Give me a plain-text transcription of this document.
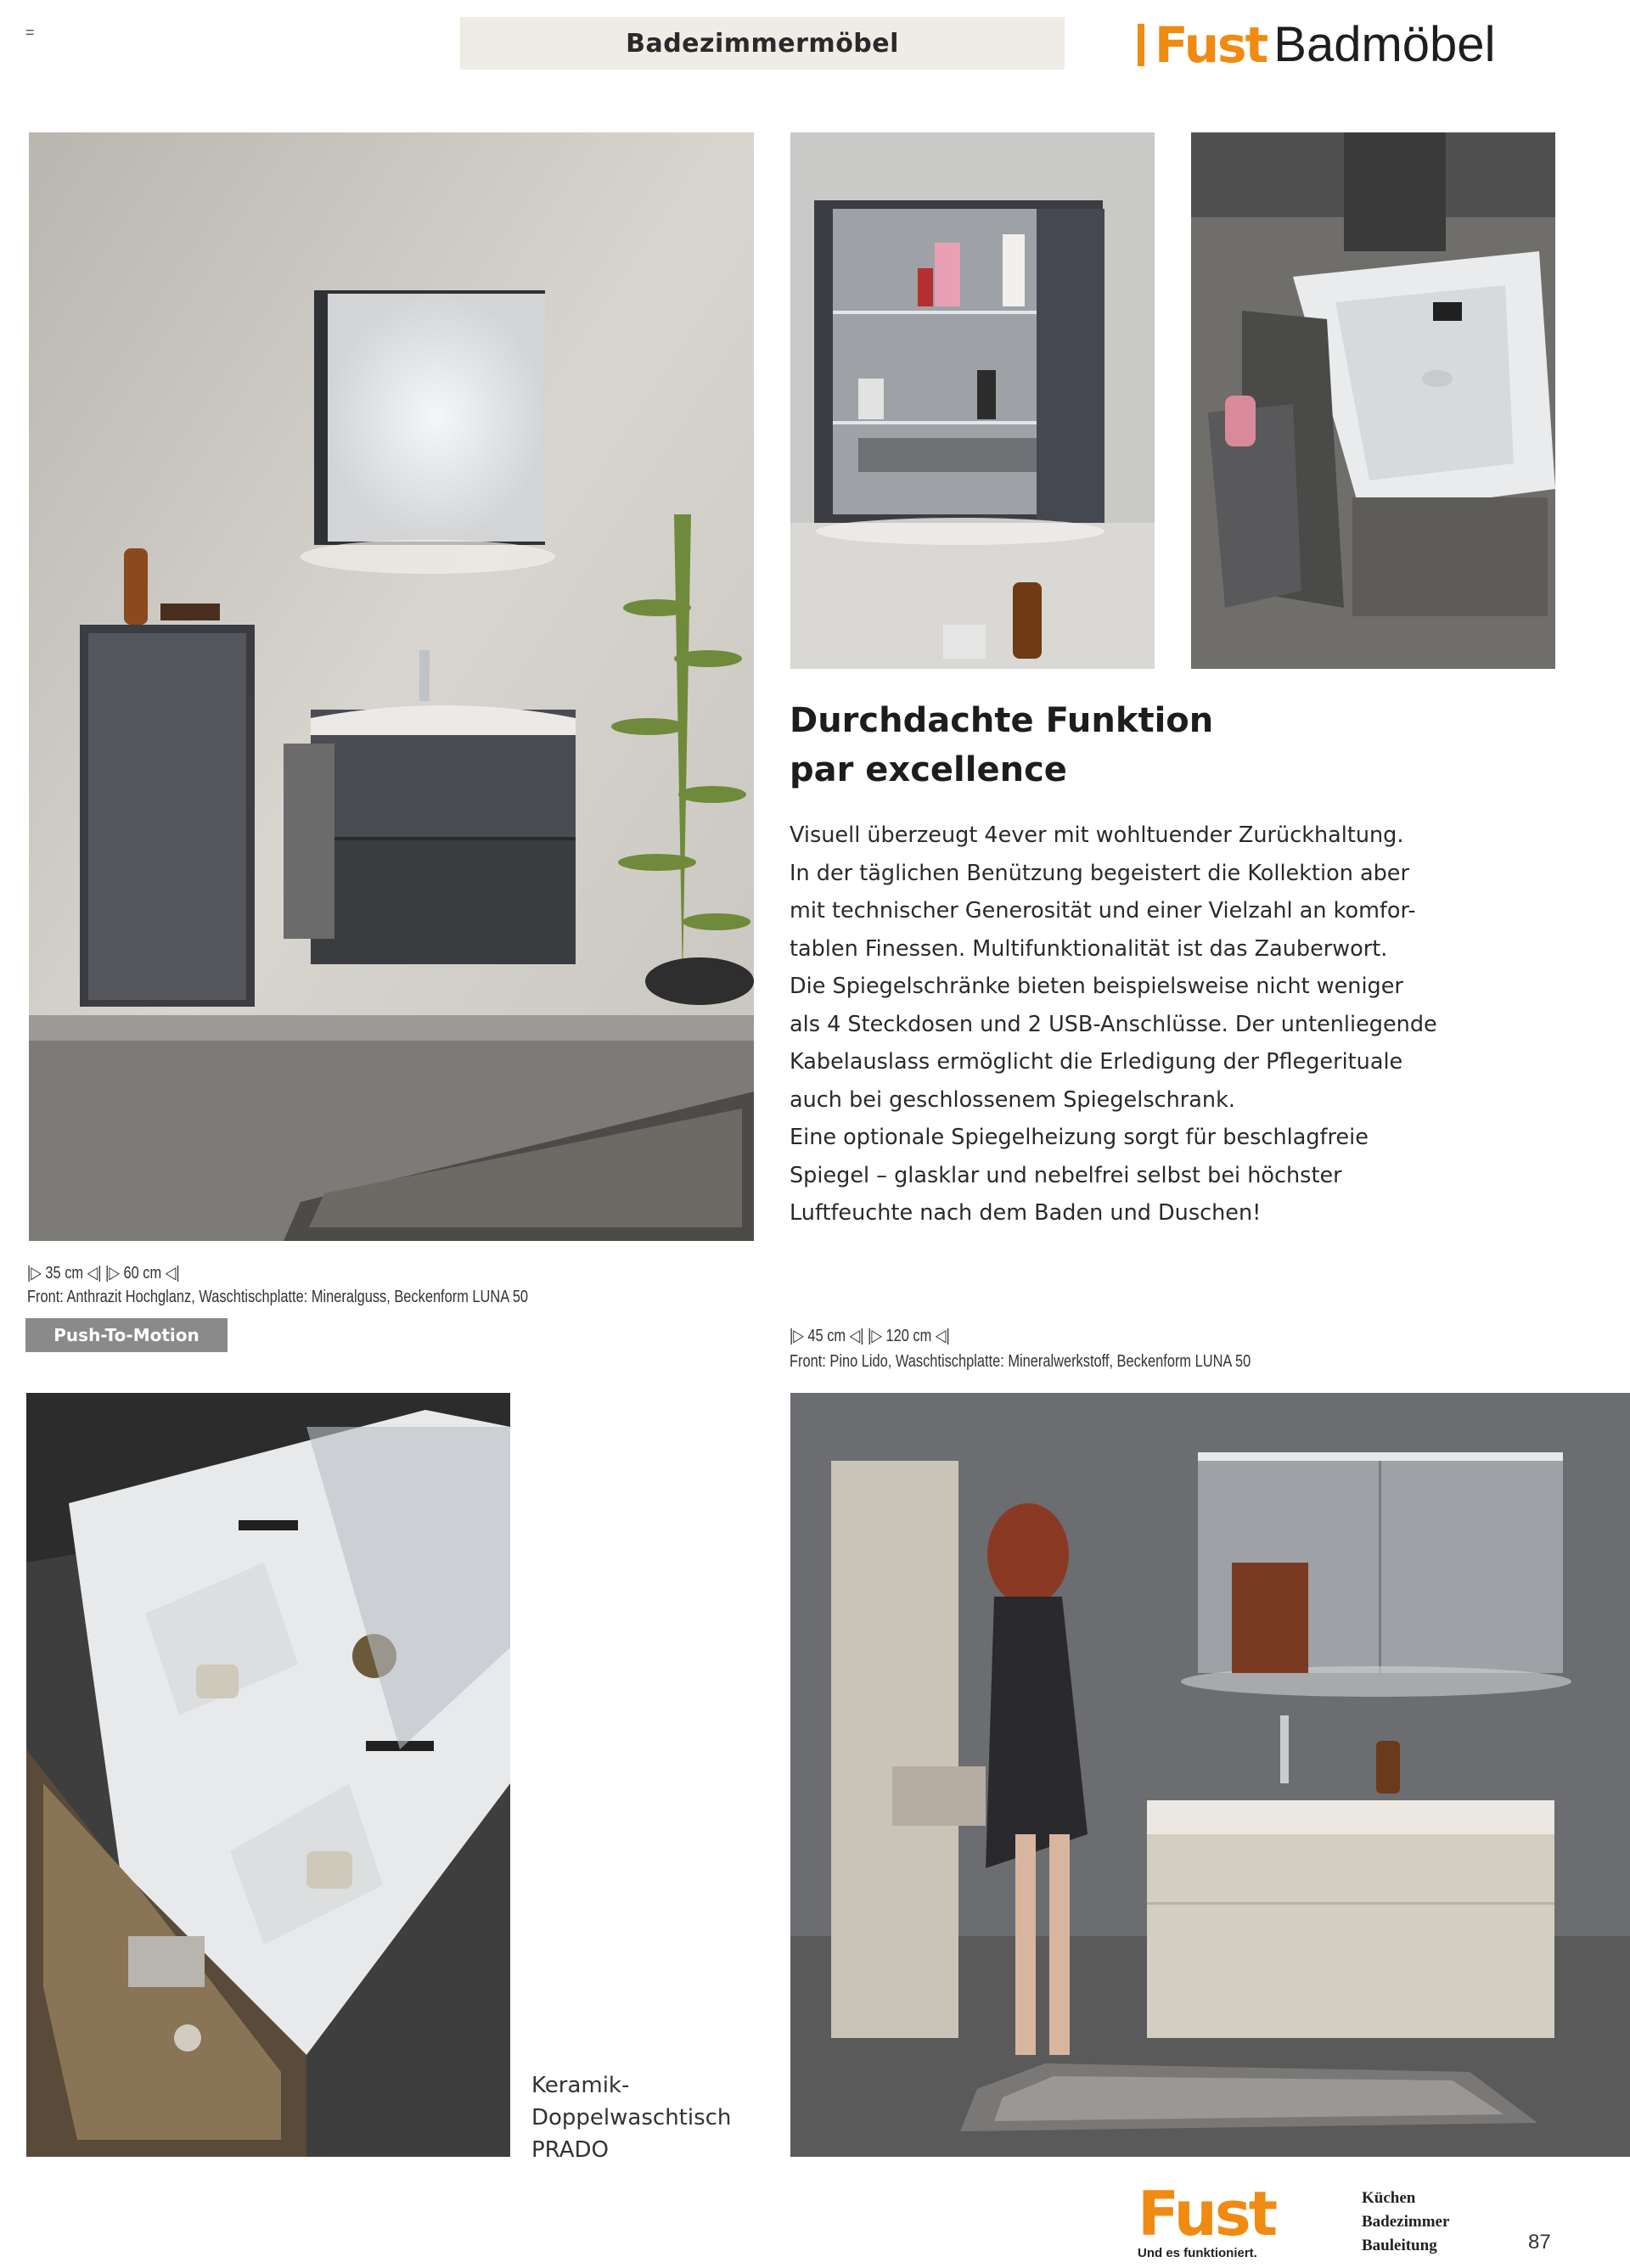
=	Badezimmermöbel	Fust Badmöbel
Durchdachte Funktion
par excellence

Visuell überzeugt 4ever mit wohltuender Zurückhaltung.

In der täglichen Benützung begeistert die Kollektion aber

mit technischer Generosität und einer Vielzahl an komfor-

tablen Finessen. Multifunktionalität ist das Zauberwort.

Die Spiegelschränke bieten beispielsweise nicht weniger

als 4 Steckdosen und 2 USB-Anschlüsse. Der untenliegende

Kabelauslass ermöglicht die Erledigung der Pflegerituale

auch bei geschlossenem Spiegelschrank.

Eine optionale Spiegelheizung sorgt für beschlagfreie

Spiegel – glasklar und nebelfrei selbst bei höchster

Luftfeuchte nach dem Baden und Duschen!

|▷ 35 cm ◁| |▷ 60 cm ◁|
Front: Anthrazit Hochglanz, Waschtischplatte: Mineralguss, Beckenform LUNA 50
Push-To-Motion	|▷ 45 cm ◁| |▷ 120 cm ◁|
Front: Pino Lido, Waschtischplatte: Mineralwerkstoff, Beckenform LUNA 50
Keramik-
Doppelwaschtisch
PRADO
Fust
Und es funktioniert.
Küchen
Badezimmer
Bauleitung	87
